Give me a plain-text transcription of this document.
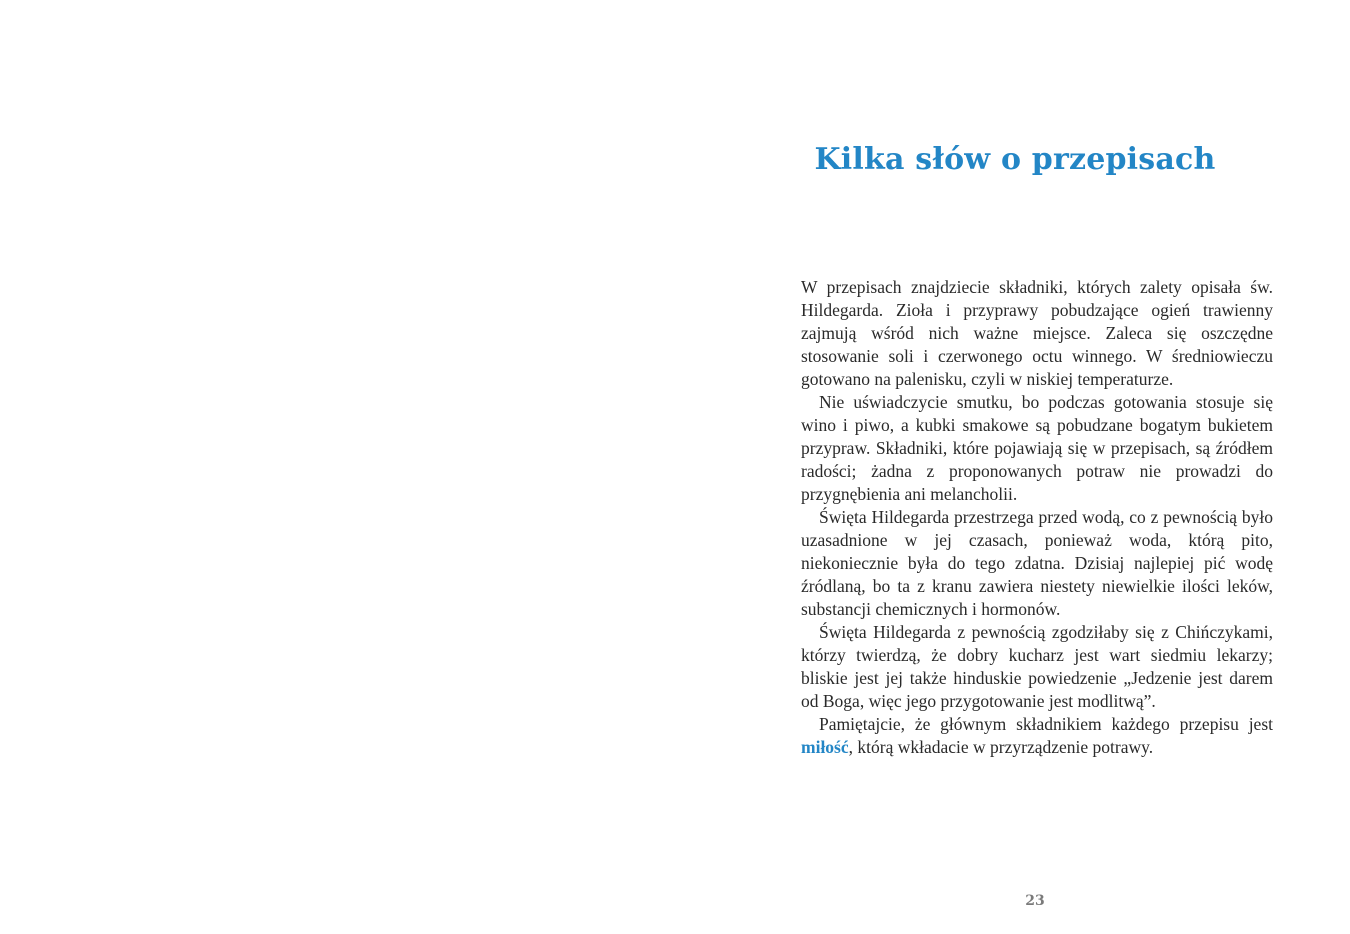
Kilka słów o przepisach

W przepisach znajdziecie składniki, których zalety opisała św. Hildegarda. Zioła i przyprawy pobudzające ogień trawienny zajmują wśród nich ważne miejsce. Zaleca się oszczędne stosowanie soli i czerwonego octu winnego. W średniowieczu gotowano na palenisku, czyli w niskiej temperaturze.

Nie uświadczycie smutku, bo podczas gotowania stosuje się wino i piwo, a kubki smakowe są pobudzane bogatym bukietem przypraw. Składniki, które pojawiają się w przepisach, są źródłem radości; żadna z proponowanych potraw nie prowadzi do przygnębienia ani melancholii.

Święta Hildegarda przestrzega przed wodą, co z pewnością było uzasadnione w jej czasach, ponieważ woda, którą pito, niekoniecznie była do tego zdatna. Dzisiaj najlepiej pić wodę źródlaną, bo ta z kranu zawiera niestety niewielkie ilości leków, substancji chemicznych i hormonów.

Święta Hildegarda z pewnością zgodziłaby się z Chińczykami, którzy twierdzą, że dobry kucharz jest wart siedmiu lekarzy; bliskie jest jej także hinduskie powiedzenie „Jedzenie jest darem od Boga, więc jego przygotowanie jest modlitwą”.

Pamiętajcie, że głównym składnikiem każdego przepisu jest miłość, którą wkładacie w przyrządzenie potrawy.

23
